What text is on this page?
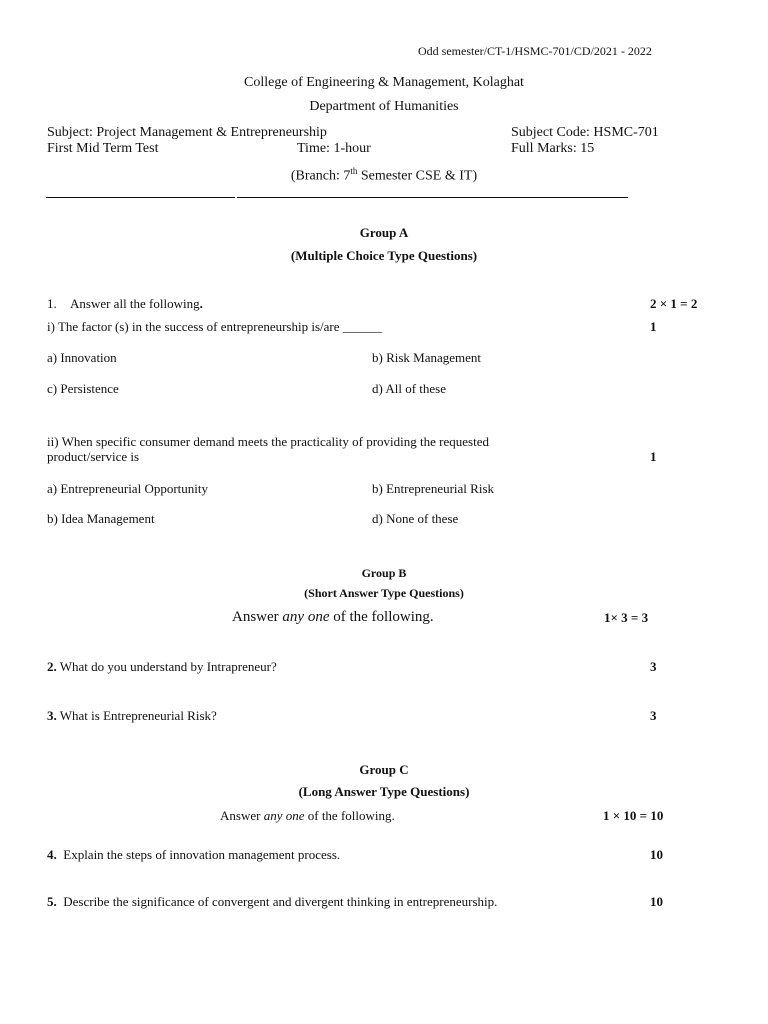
Odd semester/CT-1/HSMC-701/CD/2021 - 2022
College of Engineering & Management, Kolaghat
Department of Humanities
Subject: Project Management & Entrepreneurship	Subject Code: HSMC-701
First Mid Term Test	Time: 1-hour	Full Marks: 15
(Branch: 7th Semester CSE & IT)
Group A
(Multiple Choice Type Questions)
1. Answer all the following.	2 × 1 = 2
i) The factor (s) in the success of entrepreneurship is/are ______	1
a) Innovation	b) Risk Management
c) Persistence	d) All of these
ii) When specific consumer demand meets the practicality of providing the requested
product/service is	1
a) Entrepreneurial Opportunity	b) Entrepreneurial Risk
b) Idea Management	d) None of these
Group B
(Short Answer Type Questions)
Answer any one of the following.	1× 3 = 3
2. What do you understand by Intrapreneur?	3
3. What is Entrepreneurial Risk?	3
Group C
(Long Answer Type Questions)
Answer any one of the following.	1 × 10 = 10
4. Explain the steps of innovation management process.	10
5. Describe the significance of convergent and divergent thinking in entrepreneurship.	10
